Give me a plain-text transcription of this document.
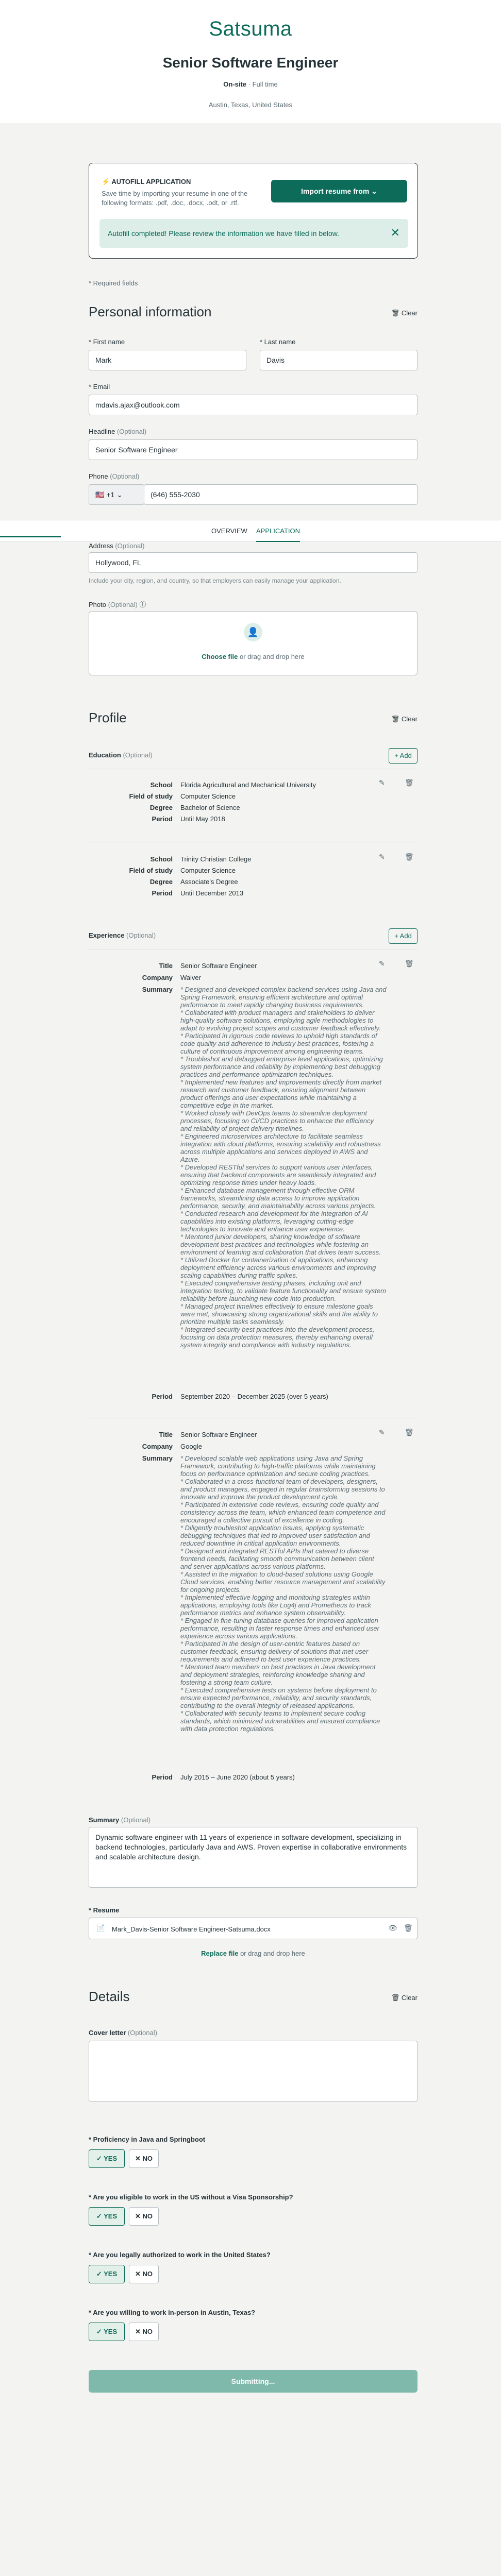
Satsuma
Senior Software Engineer
On-site · Full time
Austin, Texas, United States
⚡ AUTOFILL APPLICATION
Save time by importing your resume in one of the following formats: .pdf, .doc, .docx, .odt, or .rtf.
Import resume from ⌄
Autofill completed! Please review the information we have filled in below.	✕
* Required fields
Personal information	🗑 Clear
* First name
Mark
* Last name
Davis
* Email
mdavis.ajax@outlook.com
Headline (Optional)
Senior Software Engineer
Phone (Optional)
🇺🇸 +1 ⌄	(646) 555-2030
OVERVIEW APPLICATION
Address (Optional)
Hollywood, FL
Include your city, region, and country, so that employers can easily manage your application.
Photo (Optional) ⓘ
👤
Choose file or drag and drop here
Profile	🗑 Clear
Education (Optional)	+ Add
✎	🗑
School Florida Agricultural and Mechanical University
Field of study Computer Science
Degree Bachelor of Science
Period Until May 2018
✎	🗑
School Trinity Christian College
Field of study Computer Science
Degree Associate's Degree
Period Until December 2013
Experience (Optional)	+ Add
✎	🗑
Title Senior Software Engineer
Company Waiver
Summary * Designed and developed complex backend services using Java and Spring Framework, ensuring efficient architecture and optimal performance to meet rapidly changing business requirements.

* Collaborated with product managers and stakeholders to deliver high-quality software solutions, employing agile methodologies to adapt to evolving project scopes and customer feedback effectively.

* Participated in rigorous code reviews to uphold high standards of code quality and adherence to industry best practices, fostering a culture of continuous improvement among engineering teams.

* Troubleshot and debugged enterprise level applications, optimizing system performance and reliability by implementing best debugging practices and performance optimization techniques.

* Implemented new features and improvements directly from market research and customer feedback, ensuring alignment between product offerings and user expectations while maintaining a competitive edge in the market.

* Worked closely with DevOps teams to streamline deployment processes, focusing on CI/CD practices to enhance the efficiency and reliability of project delivery timelines.

* Engineered microservices architecture to facilitate seamless integration with cloud platforms, ensuring scalability and robustness across multiple applications and services deployed in AWS and Azure.

* Developed RESTful services to support various user interfaces, ensuring that backend components are seamlessly integrated and optimizing response times under heavy loads.

* Enhanced database management through effective ORM frameworks, streamlining data access to improve application performance, security, and maintainability across various projects.

* Conducted research and development for the integration of AI capabilities into existing platforms, leveraging cutting-edge technologies to innovate and enhance user experience.

* Mentored junior developers, sharing knowledge of software development best practices and technologies while fostering an environment of learning and collaboration that drives team success.

* Utilized Docker for containerization of applications, enhancing deployment efficiency across various environments and improving scaling capabilities during traffic spikes.

* Executed comprehensive testing phases, including unit and integration testing, to validate feature functionality and ensure system reliability before launching new code into production.

* Managed project timelines effectively to ensure milestone goals were met, showcasing strong organizational skills and the ability to prioritize multiple tasks seamlessly.

* Integrated security best practices into the development process, focusing on data protection measures, thereby enhancing overall system integrity and compliance with industry regulations.

Period September 2020 – December 2025 (over 5 years)
✎	🗑
Title Senior Software Engineer
Company Google
Summary * Developed scalable web applications using Java and Spring Framework, contributing to high-traffic platforms while maintaining focus on performance optimization and secure coding practices.

* Collaborated in a cross-functional team of developers, designers, and product managers, engaged in regular brainstorming sessions to innovate and improve the product development cycle.

* Participated in extensive code reviews, ensuring code quality and consistency across the team, which enhanced team competence and encouraged a collective pursuit of excellence in coding.

* Diligently troubleshot application issues, applying systematic debugging techniques that led to improved user satisfaction and reduced downtime in critical application environments.

* Designed and integrated RESTful APIs that catered to diverse frontend needs, facilitating smooth communication between client and server applications across various platforms.

* Assisted in the migration to cloud-based solutions using Google Cloud services, enabling better resource management and scalability for ongoing projects.

* Implemented effective logging and monitoring strategies within applications, employing tools like Log4j and Prometheus to track performance metrics and enhance system observability.

* Engaged in fine-tuning database queries for improved application performance, resulting in faster response times and enhanced user experience across various applications.

* Participated in the design of user-centric features based on customer feedback, ensuring delivery of solutions that met user requirements and adhered to best user experience practices.

* Mentored team members on best practices in Java development and deployment strategies, reinforcing knowledge sharing and fostering a strong team culture.

* Executed comprehensive tests on systems before deployment to ensure expected performance, reliability, and security standards, contributing to the overall integrity of released applications.

* Collaborated with security teams to implement secure coding standards, which minimized vulnerabilities and ensured compliance with data protection regulations.

Period July 2015 – June 2020 (about 5 years)
Summary (Optional)
Dynamic software engineer with 11 years of experience in software development, specializing in backend technologies, particularly Java and AWS. Proven expertise in collaborative environments and scalable architecture design.
* Resume
📄 Mark_Davis-Senior Software Engineer-Satsuma.docx	👁 🗑
Replace file or drag and drop here
Details	🗑 Clear
Cover letter (Optional)
* Proficiency in Java and Springboot
✓ YES	✕ NO
* Are you eligible to work in the US without a Visa Sponsorship?
✓ YES	✕ NO
* Are you legally authorized to work in the United States?
✓ YES	✕ NO
* Are you willing to work in-person in Austin, Texas?
✓ YES	✕ NO
Submitting...
